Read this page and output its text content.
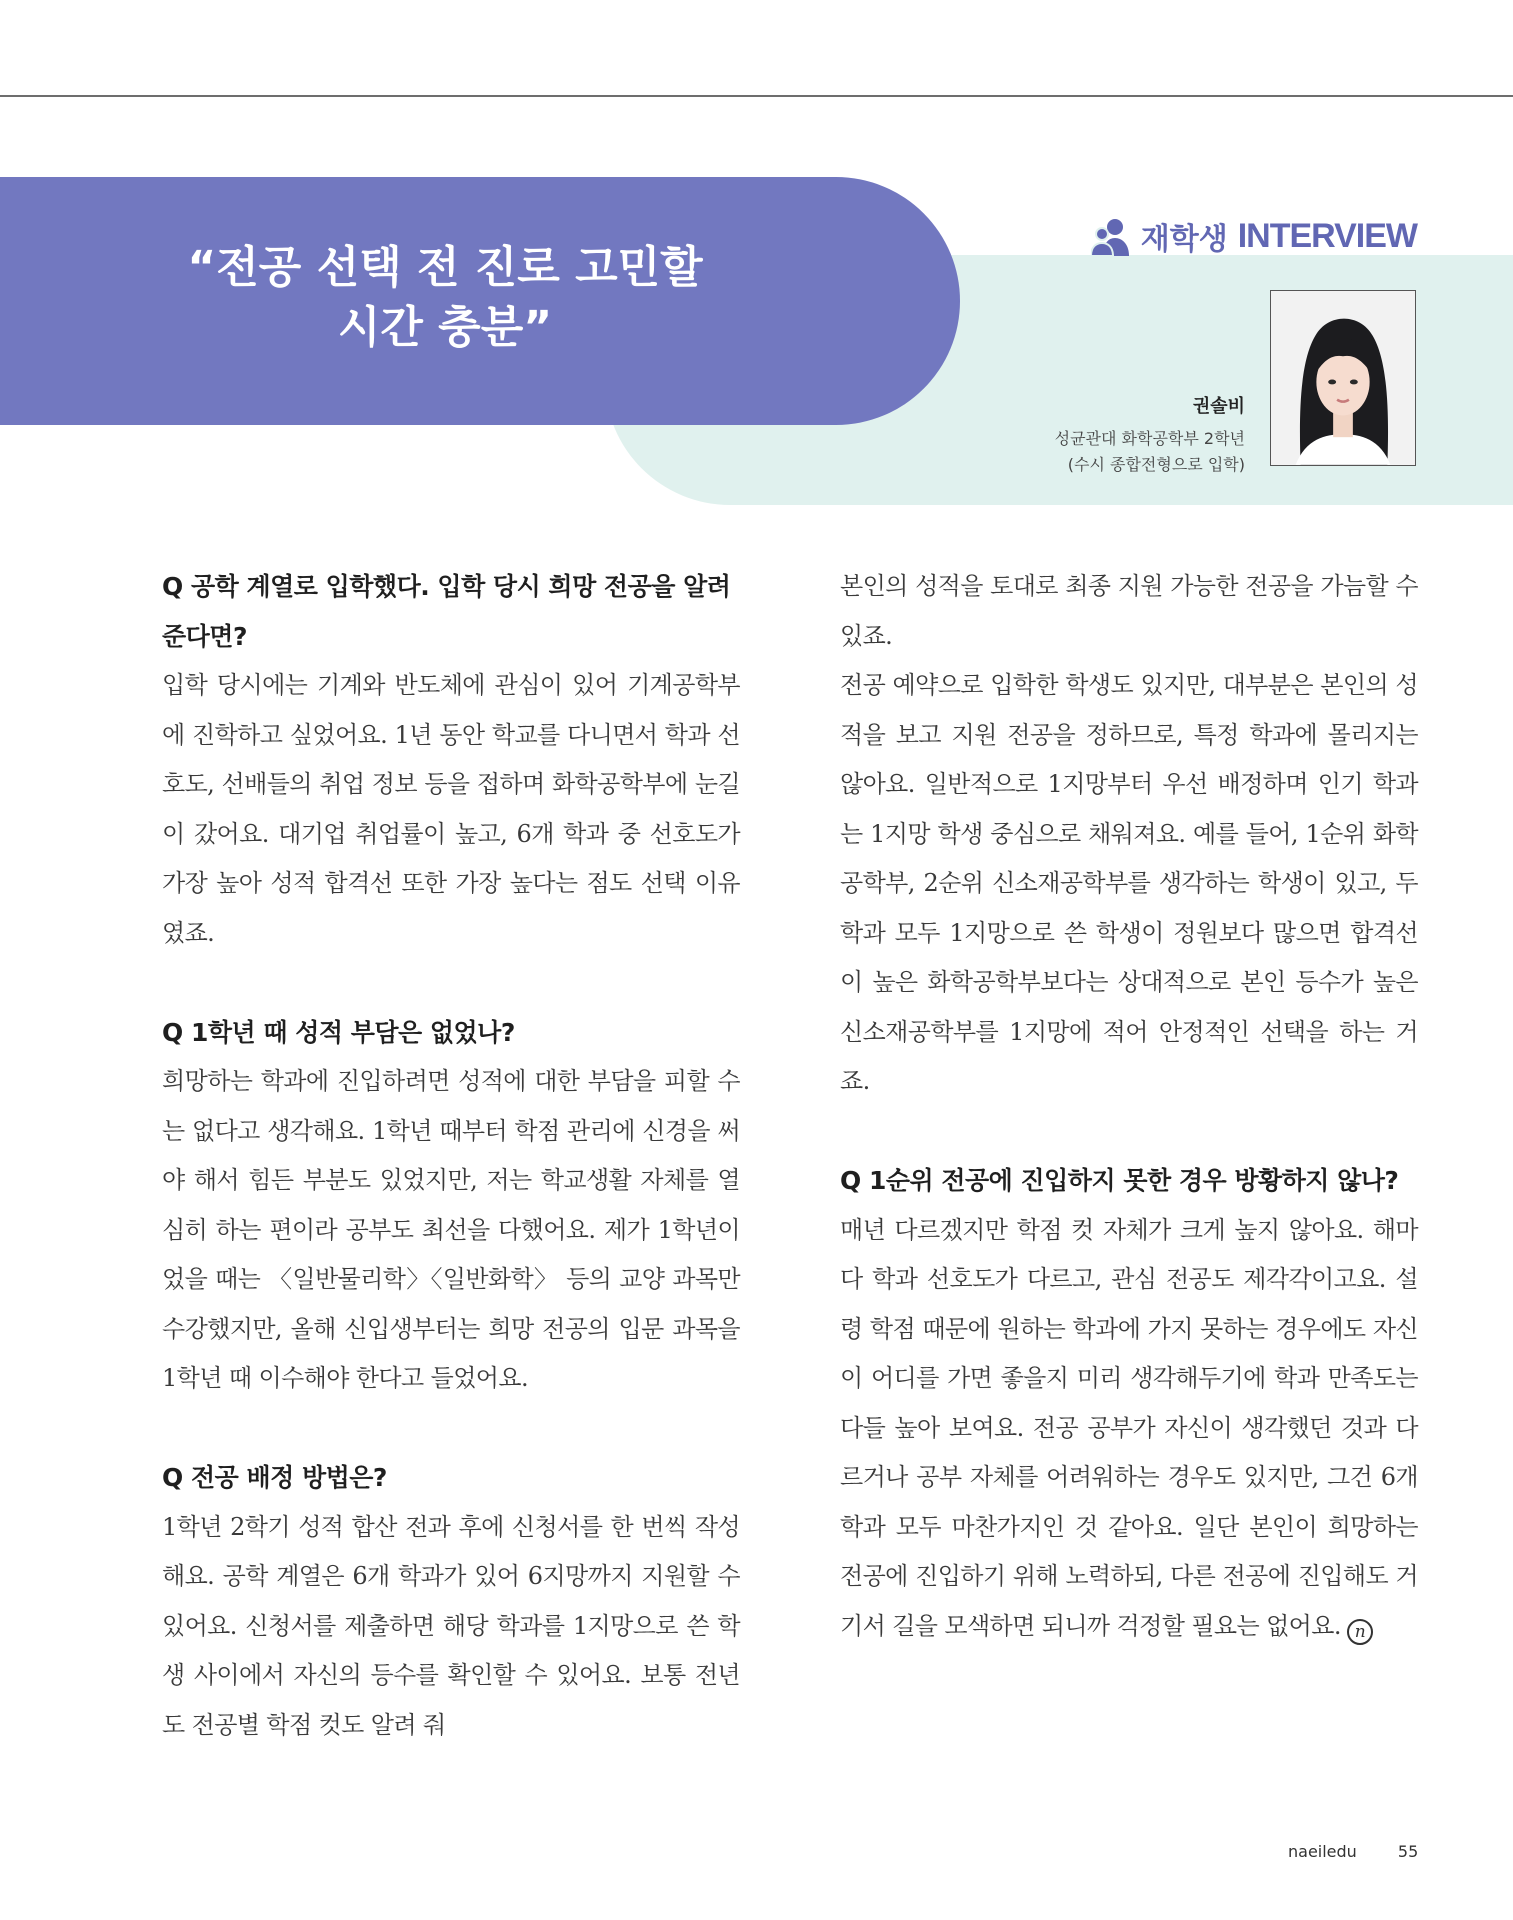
“전공 선택 전 진로 고민할
시간 충분”
재학생 INTERVIEW
권솔비
성균관대 화학공학부 2학년
(수시 종합전형으로 입학)

Q 공학 계열로 입학했다. 입학 당시 희망 전공을 알려준다면?

입학 당시에는 기계와 반도체에 관심이 있어 기계공학부에 진학하고 싶었어요. 1년 동안 학교를 다니면서 학과 선호도, 선배들의 취업 정보 등을 접하며 화학공학부에 눈길이 갔어요. 대기업 취업률이 높고, 6개 학과 중 선호도가 가장 높아 성적 합격선 또한 가장 높다는 점도 선택 이유였죠.

Q 1학년 때 성적 부담은 없었나?

희망하는 학과에 진입하려면 성적에 대한 부담을 피할 수는 없다고 생각해요. 1학년 때부터 학점 관리에 신경을 써야 해서 힘든 부분도 있었지만, 저는 학교생활 자체를 열심히 하는 편이라 공부도 최선을 다했어요. 제가 1학년이었을 때는 〈일반물리학〉〈일반화학〉 등의 교양 과목만 수강했지만, 올해 신입생부터는 희망 전공의 입문 과목을 1학년 때 이수해야 한다고 들었어요.

Q 전공 배정 방법은?

1학년 2학기 성적 합산 전과 후에 신청서를 한 번씩 작성해요. 공학 계열은 6개 학과가 있어 6지망까지 지원할 수 있어요. 신청서를 제출하면 해당 학과를 1지망으로 쓴 학생 사이에서 자신의 등수를 확인할 수 있어요. 보통 전년도 전공별 학점 컷도 알려 줘

본인의 성적을 토대로 최종 지원 가능한 전공을 가늠할 수 있죠.

전공 예약으로 입학한 학생도 있지만, 대부분은 본인의 성적을 보고 지원 전공을 정하므로, 특정 학과에 몰리지는 않아요. 일반적으로 1지망부터 우선 배정하며 인기 학과는 1지망 학생 중심으로 채워져요. 예를 들어, 1순위 화학공학부, 2순위 신소재공학부를 생각하는 학생이 있고, 두 학과 모두 1지망으로 쓴 학생이 정원보다 많으면 합격선이 높은 화학공학부보다는 상대적으로 본인 등수가 높은 신소재공학부를 1지망에 적어 안정적인 선택을 하는 거죠.

Q 1순위 전공에 진입하지 못한 경우 방황하지 않나?

매년 다르겠지만 학점 컷 자체가 크게 높지 않아요. 해마다 학과 선호도가 다르고, 관심 전공도 제각각이고요. 설령 학점 때문에 원하는 학과에 가지 못하는 경우에도 자신이 어디를 가면 좋을지 미리 생각해두기에 학과 만족도는 다들 높아 보여요. 전공 공부가 자신이 생각했던 것과 다르거나 공부 자체를 어려워하는 경우도 있지만, 그건 6개 학과 모두 마찬가지인 것 같아요. 일단 본인이 희망하는 전공에 진입하기 위해 노력하되, 다른 전공에 진입해도 거기서 길을 모색하면 되니까 걱정할 필요는 없어요. n

naeiledu	55
